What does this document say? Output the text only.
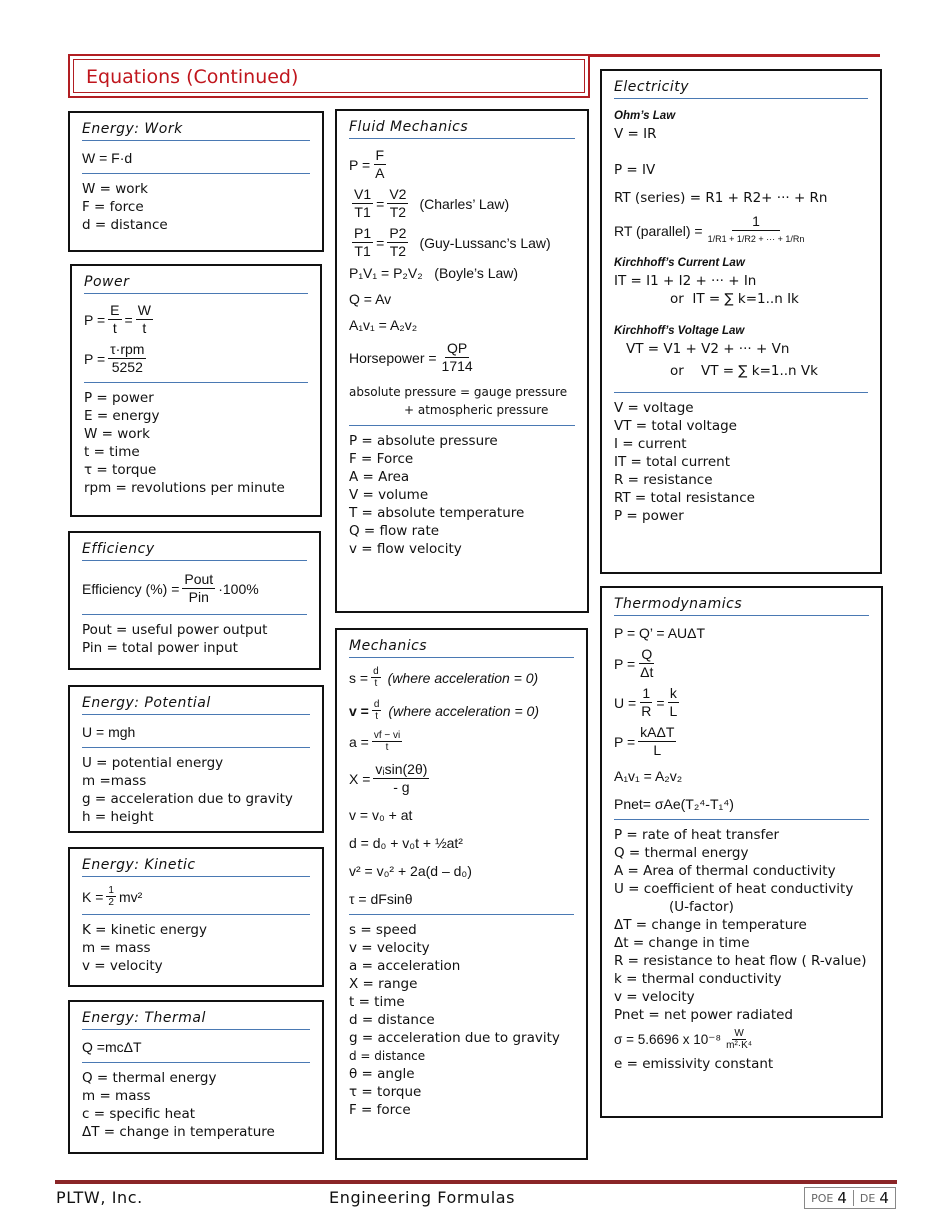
Equations (Continued)
Energy: Work
W = F·d
W = work
F = force
d = distance
Power
$P = \frac{E}{t} = \frac{W}{t}$
$P = \frac{\text{τ·rpm}}{5252}$
P = power
E = energy
W = work
t = time
τ = torque
rpm = revolutions per minute
Efficiency
Efficiency (%) = $\frac{\text{Pout}}{\text{Pin}} \cdot 100\%$
Pout = useful power output
Pin = total power input
Energy: Potential
U = mgh
U = potential energy
m =mass
g = acceleration due to gravity
h = height
Energy: Kinetic
$K = \frac{1}{2} mv^2$
K = kinetic energy
m = mass
v = velocity
Energy: Thermal
Q =mcΔT
Q = thermal energy
m = mass
c = specific heat
ΔT = change in temperature
Fluid Mechanics
$P = \frac{F}{A}$
$\frac{V1}{T1} = \frac{V2}{T2}$ (Charles’ Law)
$\frac{P1}{T1} = \frac{P2}{T2}$ (Guy-Lussanc’s Law)
P₁V₁ = P₂V₂ (Boyle’s Law)
Q = Av
A₁v₁ = A₂v₂
Horsepower = $\frac{QP}{1714}$
absolute pressure = gauge pressure
+ atmospheric pressure
P = absolute pressure
F = Force
A = Area
V = volume
T = absolute temperature
Q = flow rate
v = flow velocity
Mechanics
$s = \frac{d}{t}$ (where acceleration = 0)
$v = \frac{d}{t}$ (where acceleration = 0)
$a = \frac{vf - vi}{t}$
$X = \frac{\text{vᵢsin(2θ)}}{- g}$
v = v₀ + at
d = d₀ + v₀t + ½at²
v² = v₀² + 2a(d – d₀)
τ = dFsinθ
s = speed
v = velocity
a = acceleration
X = range
t = time
d = distance
g = acceleration due to gravity
d = distance
θ = angle
τ = torque
F = force
Electricity
Ohm’s Law
V = IR
P = IV
RT (series) = R1 + R2+ ··· + Rn
RT (parallel) = $\frac{1}{1/R1 + 1/R2 + \cdot\cdot\cdot + 1/Rn}$
Kirchhoff’s Current Law
IT = I1 + I2 + ··· + In
or IT = ∑ k=1..n Ik
Kirchhoff’s Voltage Law
VT = V1 + V2 + ··· + Vn
or VT = ∑ k=1..n Vk
V = voltage
VT = total voltage
I = current
IT = total current
R = resistance
RT = total resistance
P = power
Thermodynamics
P = Q’ = AUΔT
$P = \frac{Q}{\Delta t}$
$U = \frac{1}{R} = \frac{k}{L}$
$P = \frac{\text{kAΔT}}{L}$
A₁v₁ = A₂v₂
Pnet= σAe(T₂⁴-T₁⁴)
P = rate of heat transfer
Q = thermal energy
A = Area of thermal conductivity
U = coefficient of heat conductivity
(U-factor)
ΔT = change in temperature
Δt = change in time
R = resistance to heat flow ( R-value)
k = thermal conductivity
v = velocity
Pnet = net power radiated
σ = 5.6696 x $10^{-8} \frac{W}{\text{m²·K⁴}}$
e = emissivity constant
PLTW, Inc.	Engineering Formulas	POE 4 DE 4
